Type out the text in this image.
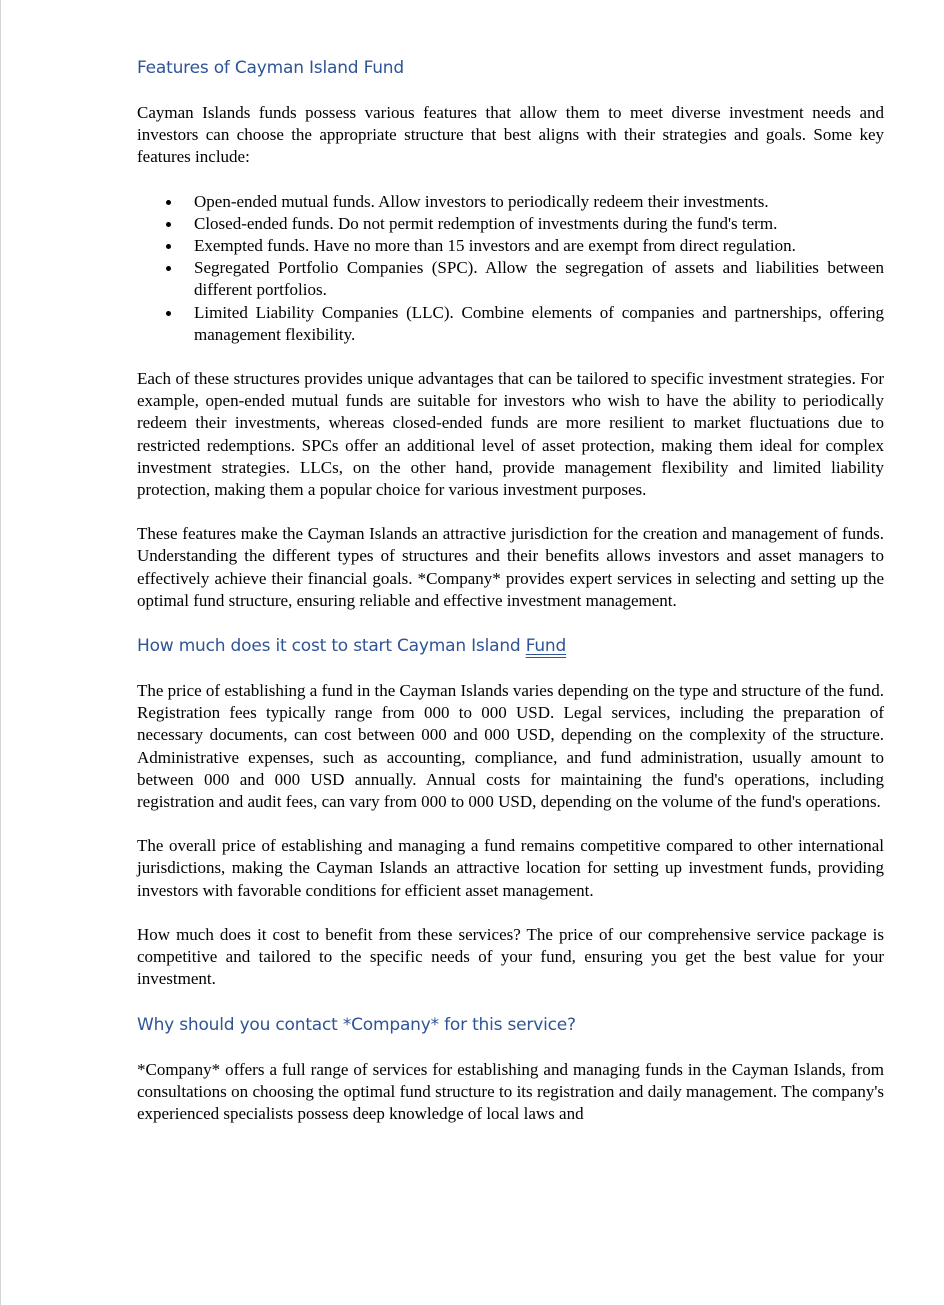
Features of Cayman Island Fund

Cayman Islands funds possess various features that allow them to meet diverse investment needs and investors can choose the appropriate structure that best aligns with their strategies and goals. Some key features include:

Open-ended mutual funds. Allow investors to periodically redeem their investments.
Closed-ended funds. Do not permit redemption of investments during the fund's term.
Exempted funds. Have no more than 15 investors and are exempt from direct regulation.
Segregated Portfolio Companies (SPC). Allow the segregation of assets and liabilities between different portfolios.
Limited Liability Companies (LLC). Combine elements of companies and partnerships, offering management flexibility.

Each of these structures provides unique advantages that can be tailored to specific investment strategies. For example, open-ended mutual funds are suitable for investors who wish to have the ability to periodically redeem their investments, whereas closed-ended funds are more resilient to market fluctuations due to restricted redemptions. SPCs offer an additional level of asset protection, making them ideal for complex investment strategies. LLCs, on the other hand, provide management flexibility and limited liability protection, making them a popular choice for various investment purposes.

These features make the Cayman Islands an attractive jurisdiction for the creation and management of funds. Understanding the different types of structures and their benefits allows investors and asset managers to effectively achieve their financial goals. *Company* provides expert services in selecting and setting up the optimal fund structure, ensuring reliable and effective investment management.

How much does it cost to start Cayman Island Fund

The price of establishing a fund in the Cayman Islands varies depending on the type and structure of the fund. Registration fees typically range from 000 to 000 USD. Legal services, including the preparation of necessary documents, can cost between 000 and 000 USD, depending on the complexity of the structure. Administrative expenses, such as accounting, compliance, and fund administration, usually amount to between 000 and 000 USD annually. Annual costs for maintaining the fund's operations, including registration and audit fees, can vary from 000 to 000 USD, depending on the volume of the fund's operations.

The overall price of establishing and managing a fund remains competitive compared to other international jurisdictions, making the Cayman Islands an attractive location for setting up investment funds, providing investors with favorable conditions for efficient asset management.

How much does it cost to benefit from these services? The price of our comprehensive service package is competitive and tailored to the specific needs of your fund, ensuring you get the best value for your investment.

Why should you contact *Company* for this service?

*Company* offers a full range of services for establishing and managing funds in the Cayman Islands, from consultations on choosing the optimal fund structure to its registration and daily management. The company's experienced specialists possess deep knowledge of local laws and
